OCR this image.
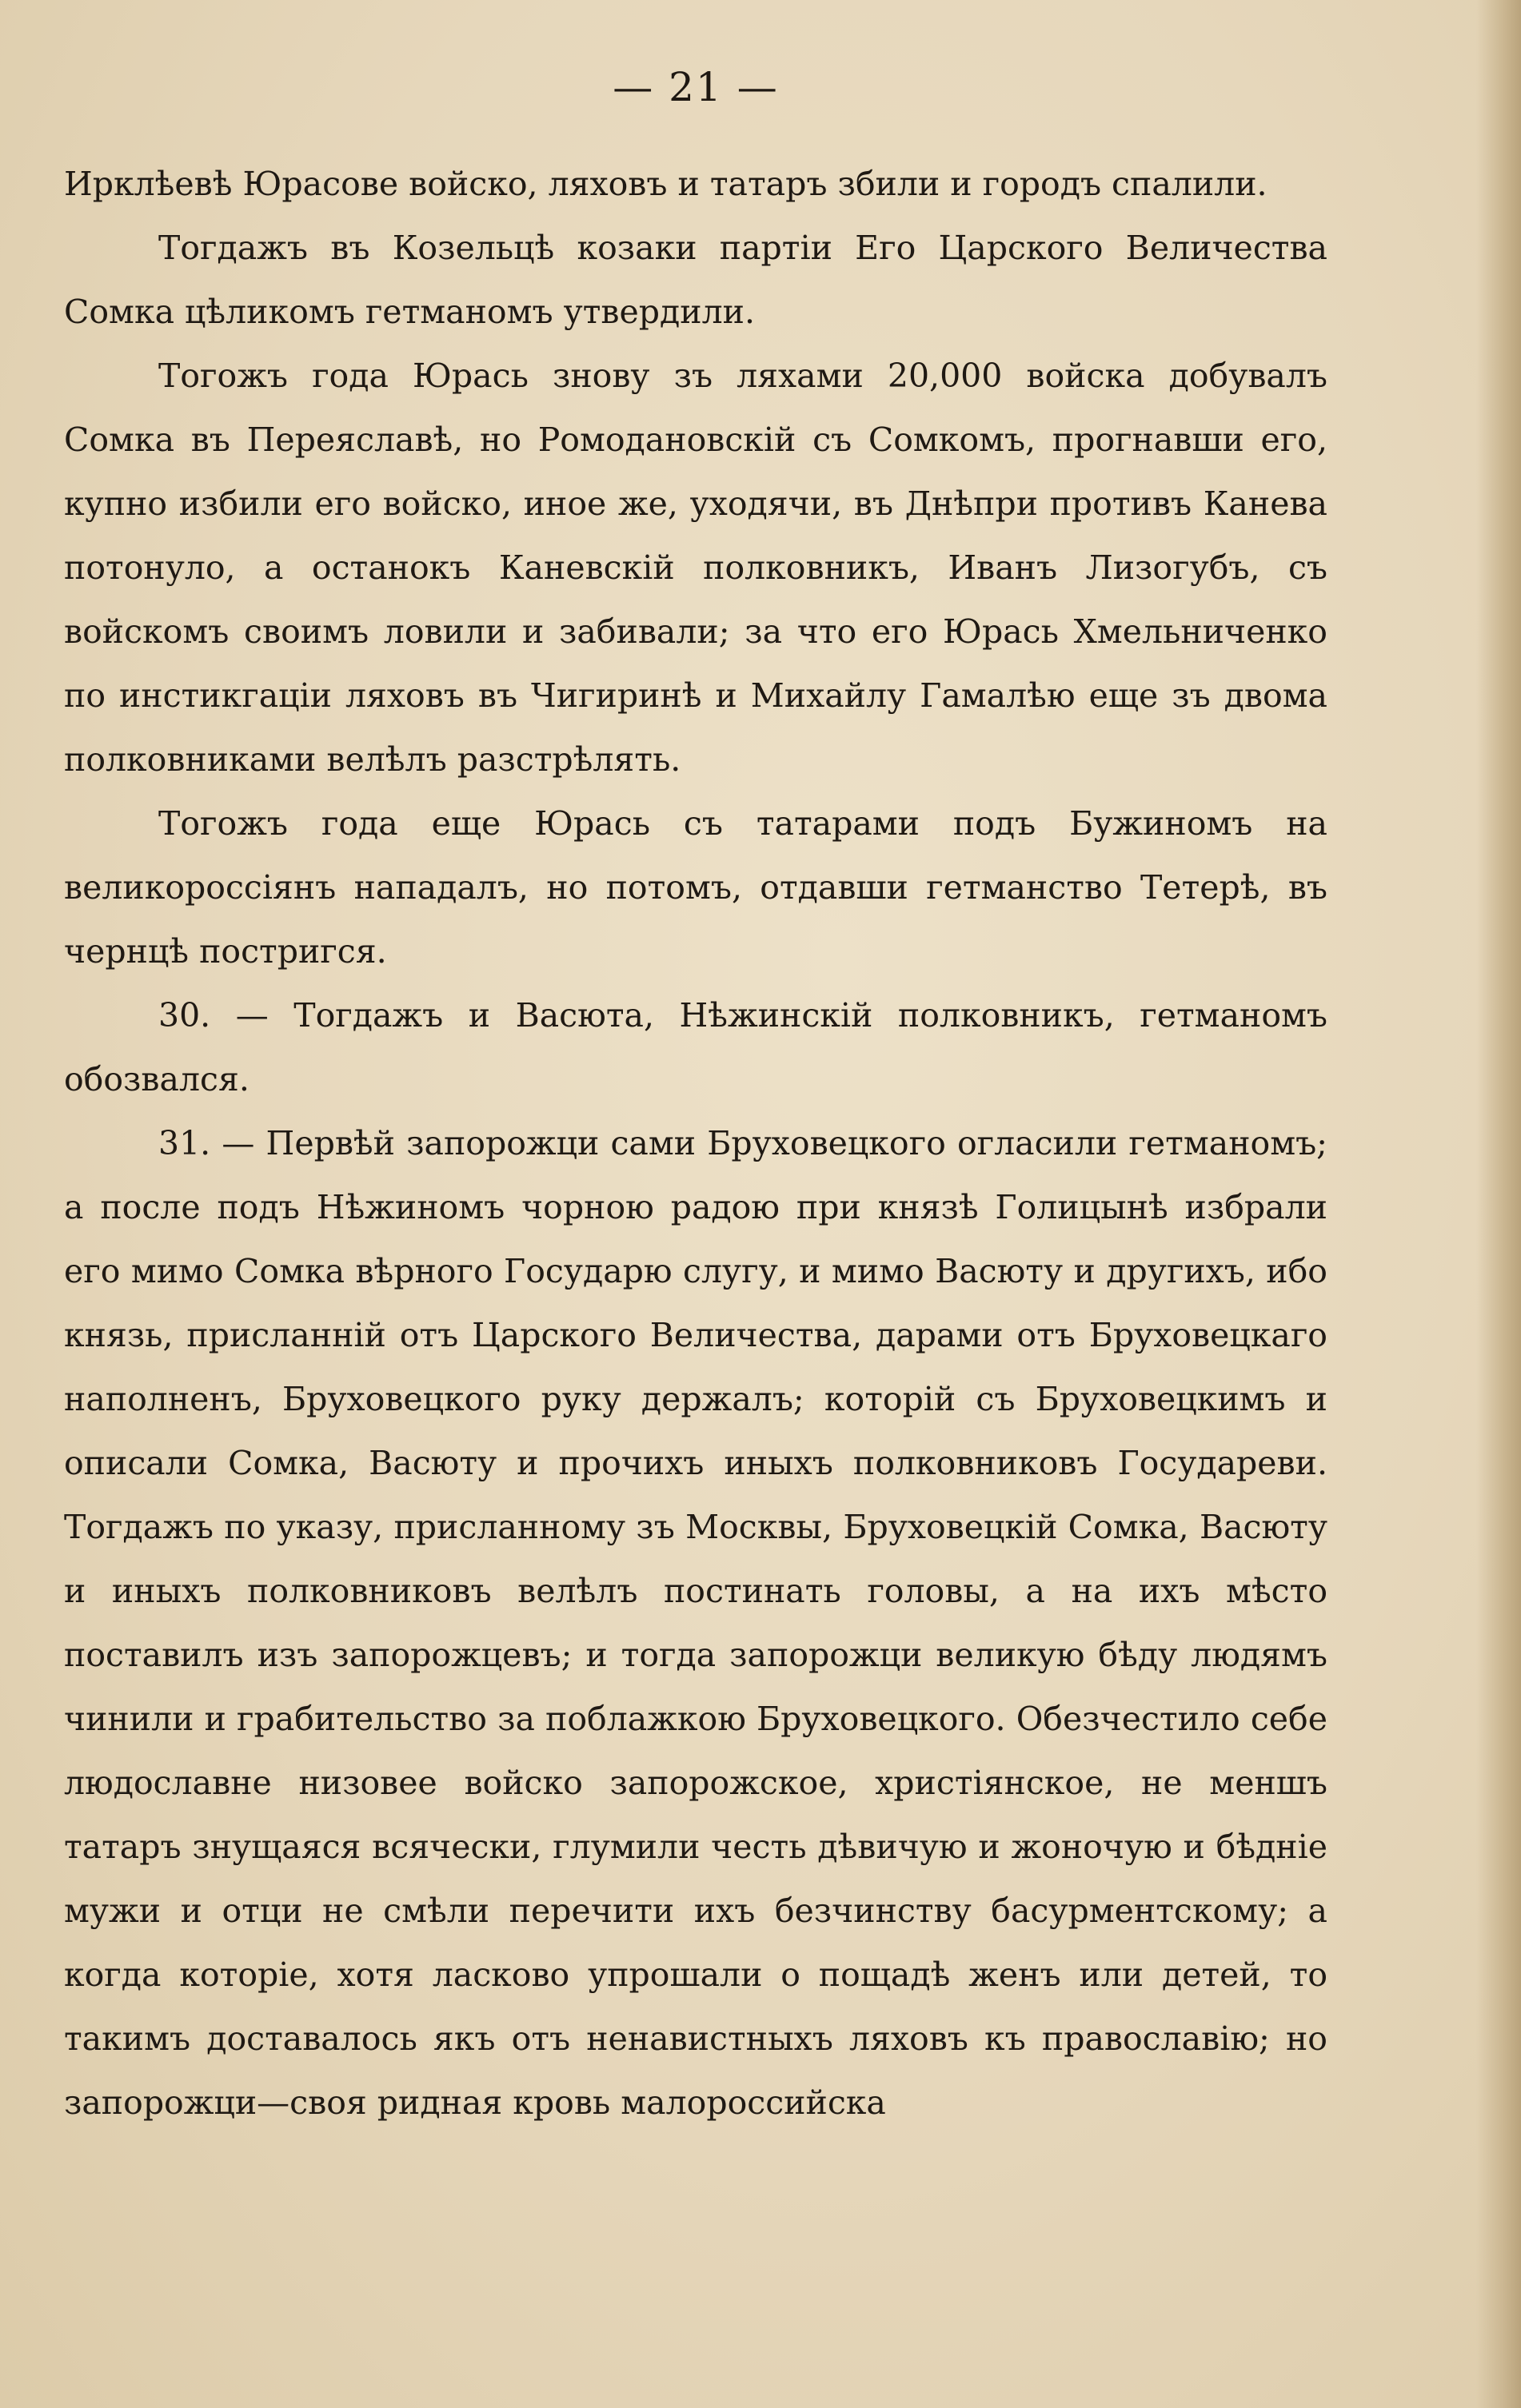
— 21 —

Ирклѣевѣ Юрасове войско, ляховъ и татаръ збили и городъ спалили.

Тогдажъ въ Козельцѣ козаки партіи Его Царского Величества Сомка цѣликомъ гетманомъ утвердили.

Тогожъ года Юрась знову зъ ляхами 20,000 войска добувалъ Сомка въ Переяславѣ, но Ромодановскій съ Сомкомъ, прогнавши его, купно избили его войско, иное же, уходячи, въ Днѣпри противъ Канева потонуло, а останокъ Каневскій полковникъ, Иванъ Лизогубъ, съ войскомъ своимъ ловили и забивали; за что его Юрась Хмельниченко по инстикгаціи ляховъ въ Чигиринѣ и Михайлу Гамалѣю еще зъ двома полковниками велѣлъ разстрѣлять.

Тогожъ года еще Юрась съ татарами подъ Бужиномъ на великороссіянъ нападалъ, но потомъ, отдавши гетманство Тетерѣ, въ чернцѣ постригся.

30. — Тогдажъ и Васюта, Нѣжинскій полковникъ, гетманомъ обозвался.

31. — Первѣй запорожци сами Бруховецкого огласили гетманомъ; а после подъ Нѣжиномъ чорною радою при князѣ Голицынѣ избрали его мимо Сомка вѣрного Государю слугу, и мимо Васюту и другихъ, ибо князь, присланній отъ Царского Величества, дарами отъ Бруховецкаго наполненъ, Бруховецкого руку держалъ; которій съ Бруховецкимъ и описали Сомка, Васюту и прочихъ иныхъ полковниковъ Государеви. Тогдажъ по указу, присланному зъ Москвы, Бруховецкій Сомка, Васюту и иныхъ полковниковъ велѣлъ постинать головы, а на ихъ мѣсто поставилъ изъ запорожцевъ; и тогда запорожци великую бѣду людямъ чинили и грабительство за поблажкою Бруховецкого. Обезчестило себе людославне низовее войско запорожское, христіянское, не меншъ татаръ знущаяся всячески, глумили честь дѣвичую и жоночую и бѣдніе мужи и отци не смѣли перечити ихъ безчинству басурментскому; а когда которіе, хотя ласково упрошали о пощадѣ женъ или детей, то такимъ доставалось якъ отъ ненавистныхъ ляховъ къ православію; но запорожци—своя ридная кровь малороссийска
